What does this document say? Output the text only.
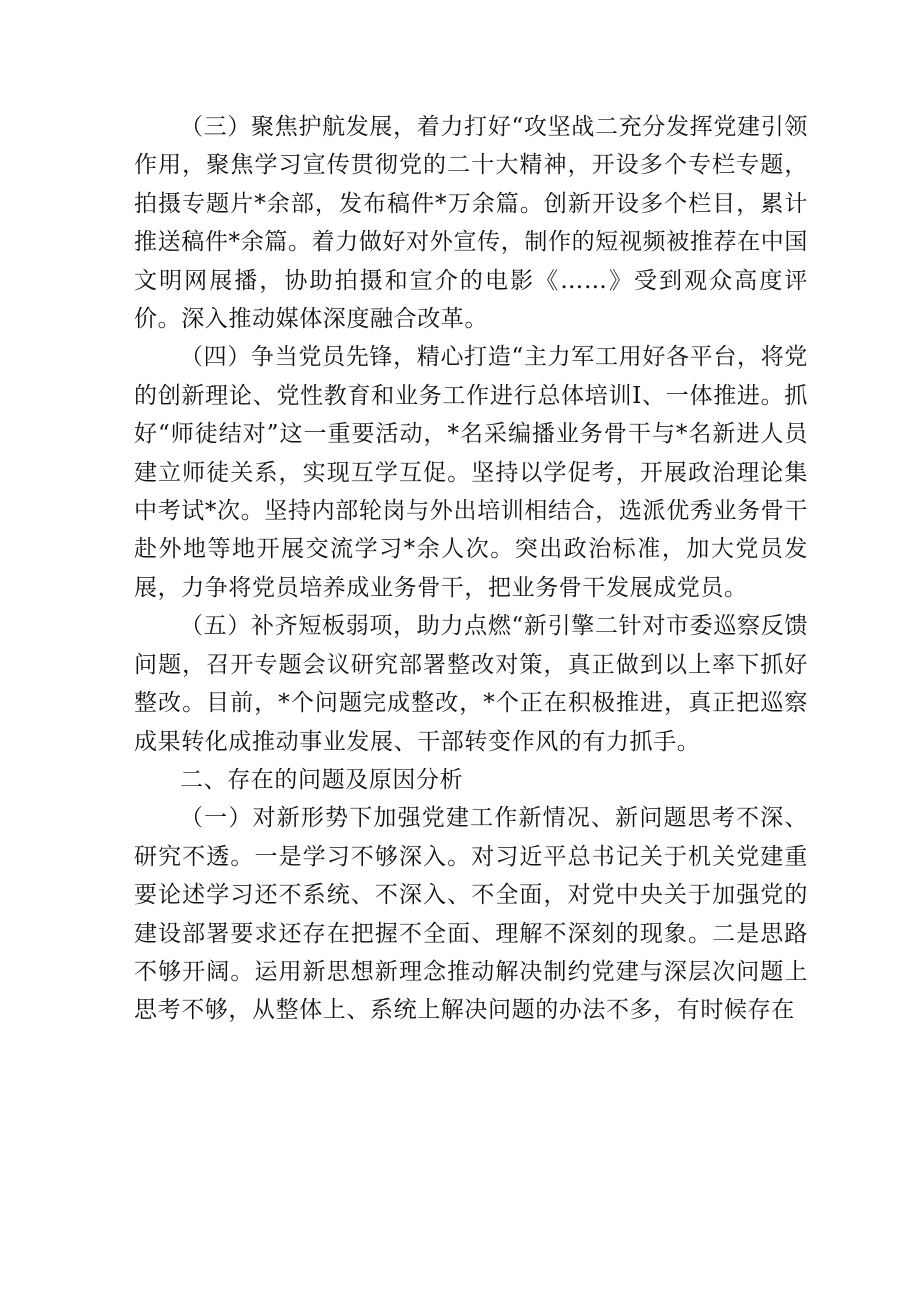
（三）聚焦护航发展，着力打好“攻坚战二充分发挥党建引领作用，聚焦学习宣传贯彻党的二十大精神，开设多个专栏专题，拍摄专题片*余部，发布稿件*万余篇。创新开设多个栏目，累计推送稿件*余篇。着力做好对外宣传，制作的短视频被推荐在中国文明网展播，协助拍摄和宣介的电影《……》受到观众高度评价。深入推动媒体深度融合改革。

（四）争当党员先锋，精心打造“主力军工用好各平台，将党的创新理论、党性教育和业务工作进行总体培训I、一体推进。抓好“师徒结对”这一重要活动，*名采编播业务骨干与*名新进人员建立师徒关系，实现互学互促。坚持以学促考，开展政治理论集中考试*次。坚持内部轮岗与外出培训相结合，选派优秀业务骨干赴外地等地开展交流学习*余人次。突出政治标准，加大党员发展，力争将党员培养成业务骨干，把业务骨干发展成党员。

（五）补齐短板弱项，助力点燃“新引擎二针对市委巡察反馈问题，召开专题会议研究部署整改对策，真正做到以上率下抓好整改。目前，*个问题完成整改，*个正在积极推进，真正把巡察成果转化成推动事业发展、干部转变作风的有力抓手。

二、存在的问题及原因分析

（一）对新形势下加强党建工作新情况、新问题思考不深、研究不透。一是学习不够深入。对习近平总书记关于机关党建重要论述学习还不系统、不深入、不全面，对党中央关于加强党的建设部署要求还存在把握不全面、理解不深刻的现象。二是思路不够开阔。运用新思想新理念推动解决制约党建与深层次问题上思考不够，从整体上、系统上解决问题的办法不多，有时候存在
